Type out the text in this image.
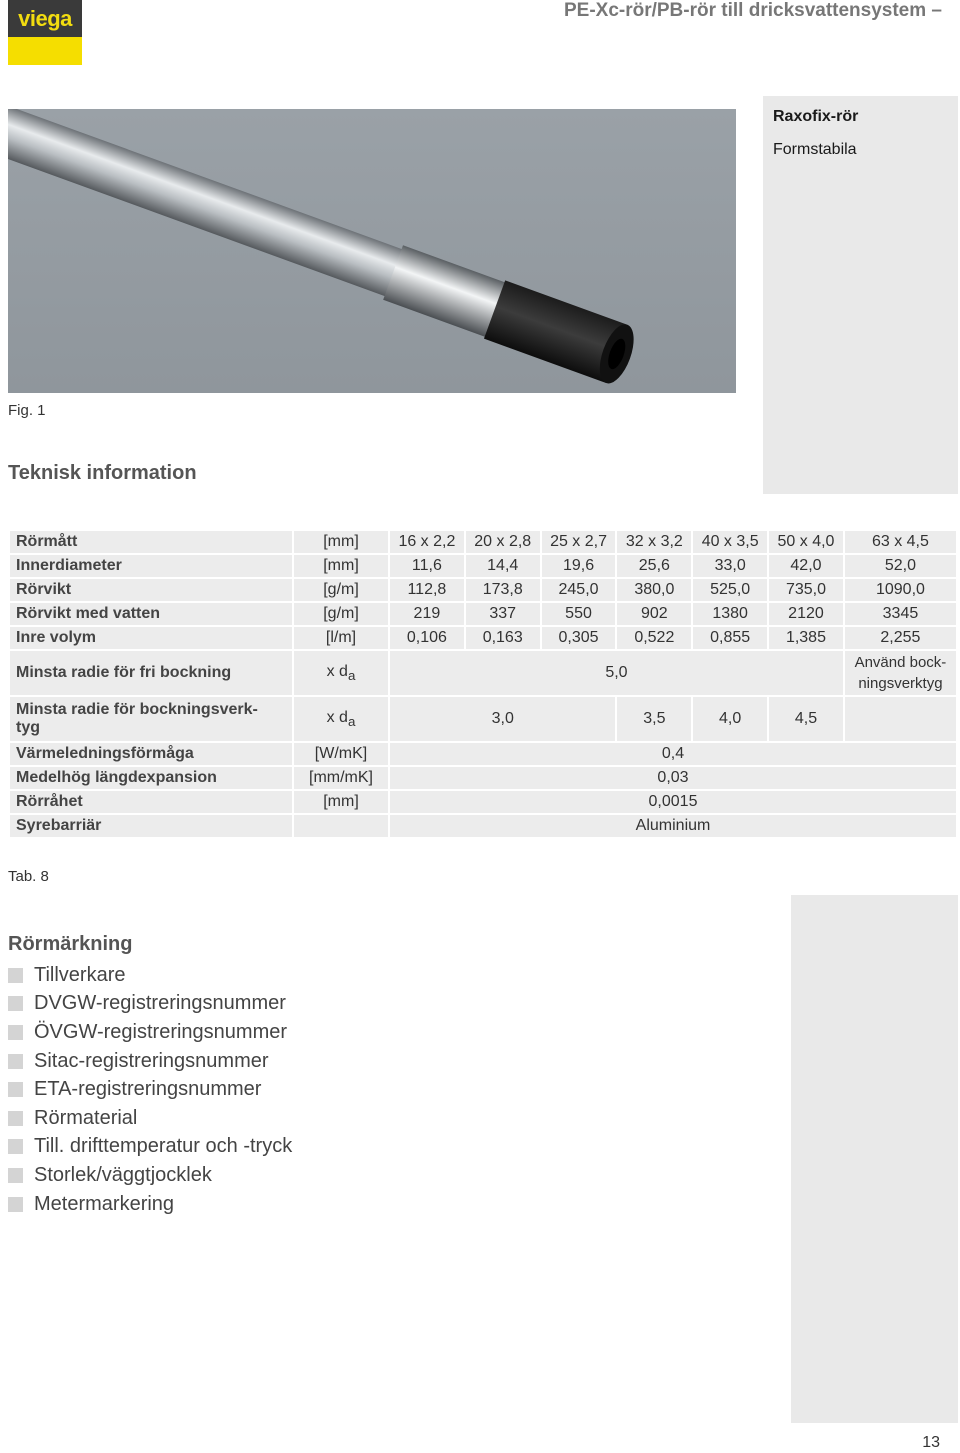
viega	PE-Xc-rör/PB-rör till dricksvattensystem –
Raxofix-rör
Formstabila
Fig. 1
Teknisk information
Rörmått	[mm]	16 x 2,2	20 x 2,8	25 x 2,7	32 x 3,2	40 x 3,5	50 x 4,0	63 x 4,5
Innerdiameter	[mm]	11,6	14,4	19,6	25,6	33,0	42,0	52,0
Rörvikt	[g/m]	112,8	173,8	245,0	380,0	525,0	735,0	1090,0
Rörvikt med vatten	[g/m]	219	337	550	902	1380	2120	3345
Inre volym	[l/m]	0,106	0,163	0,305	0,522	0,855	1,385	2,255
Minsta radie för fri bockning	x $d_a$	5,0						Använd bock-
ningsverktyg
Minsta radie för bockningsverk-
tyg	x $d_a$	3,0			3,5	4,0	4,5	
Värmeledningsförmåga	[W/mK]	0,4						
Medelhög längdexpansion	[mm/mK]	0,03						
Rörråhet	[mm]	0,0015						
Syrebarriär		Aluminium						
Tab. 8
Rörmärkning
Tillverkare
DVGW-registreringsnummer
ÖVGW-registreringsnummer
Sitac-registreringsnummer
ETA-registreringsnummer
Rörmaterial
Till. drifttemperatur och -tryck
Storlek/väggtjocklek
Metermarkering
13
